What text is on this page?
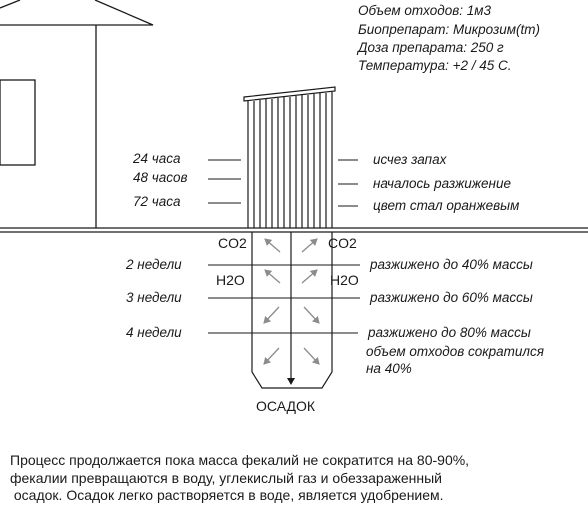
Объем отходов: 1м3
Биопрепарат: Микрозим(tm)
Доза препарата: 250 г
Температура: +2 / 45 С.
24 часа
48 часов
72 часа
2 недели
3 недели
4 недели
исчез запах
началось разжижение
цвет стал оранжевым
разжижено до 40% массы
разжижено до 60% массы
разжижено до 80% массы
объем отходов сократился
на 40%
CO2	CO2
H2O	H2O
ОСАДОК
Процесс продолжается пока масса фекалий не сократится на 80-90%,
фекалии превращаются в воду, углекислый газ и обеззараженный
осадок. Осадок легко растворяется в воде, является удобрением.
